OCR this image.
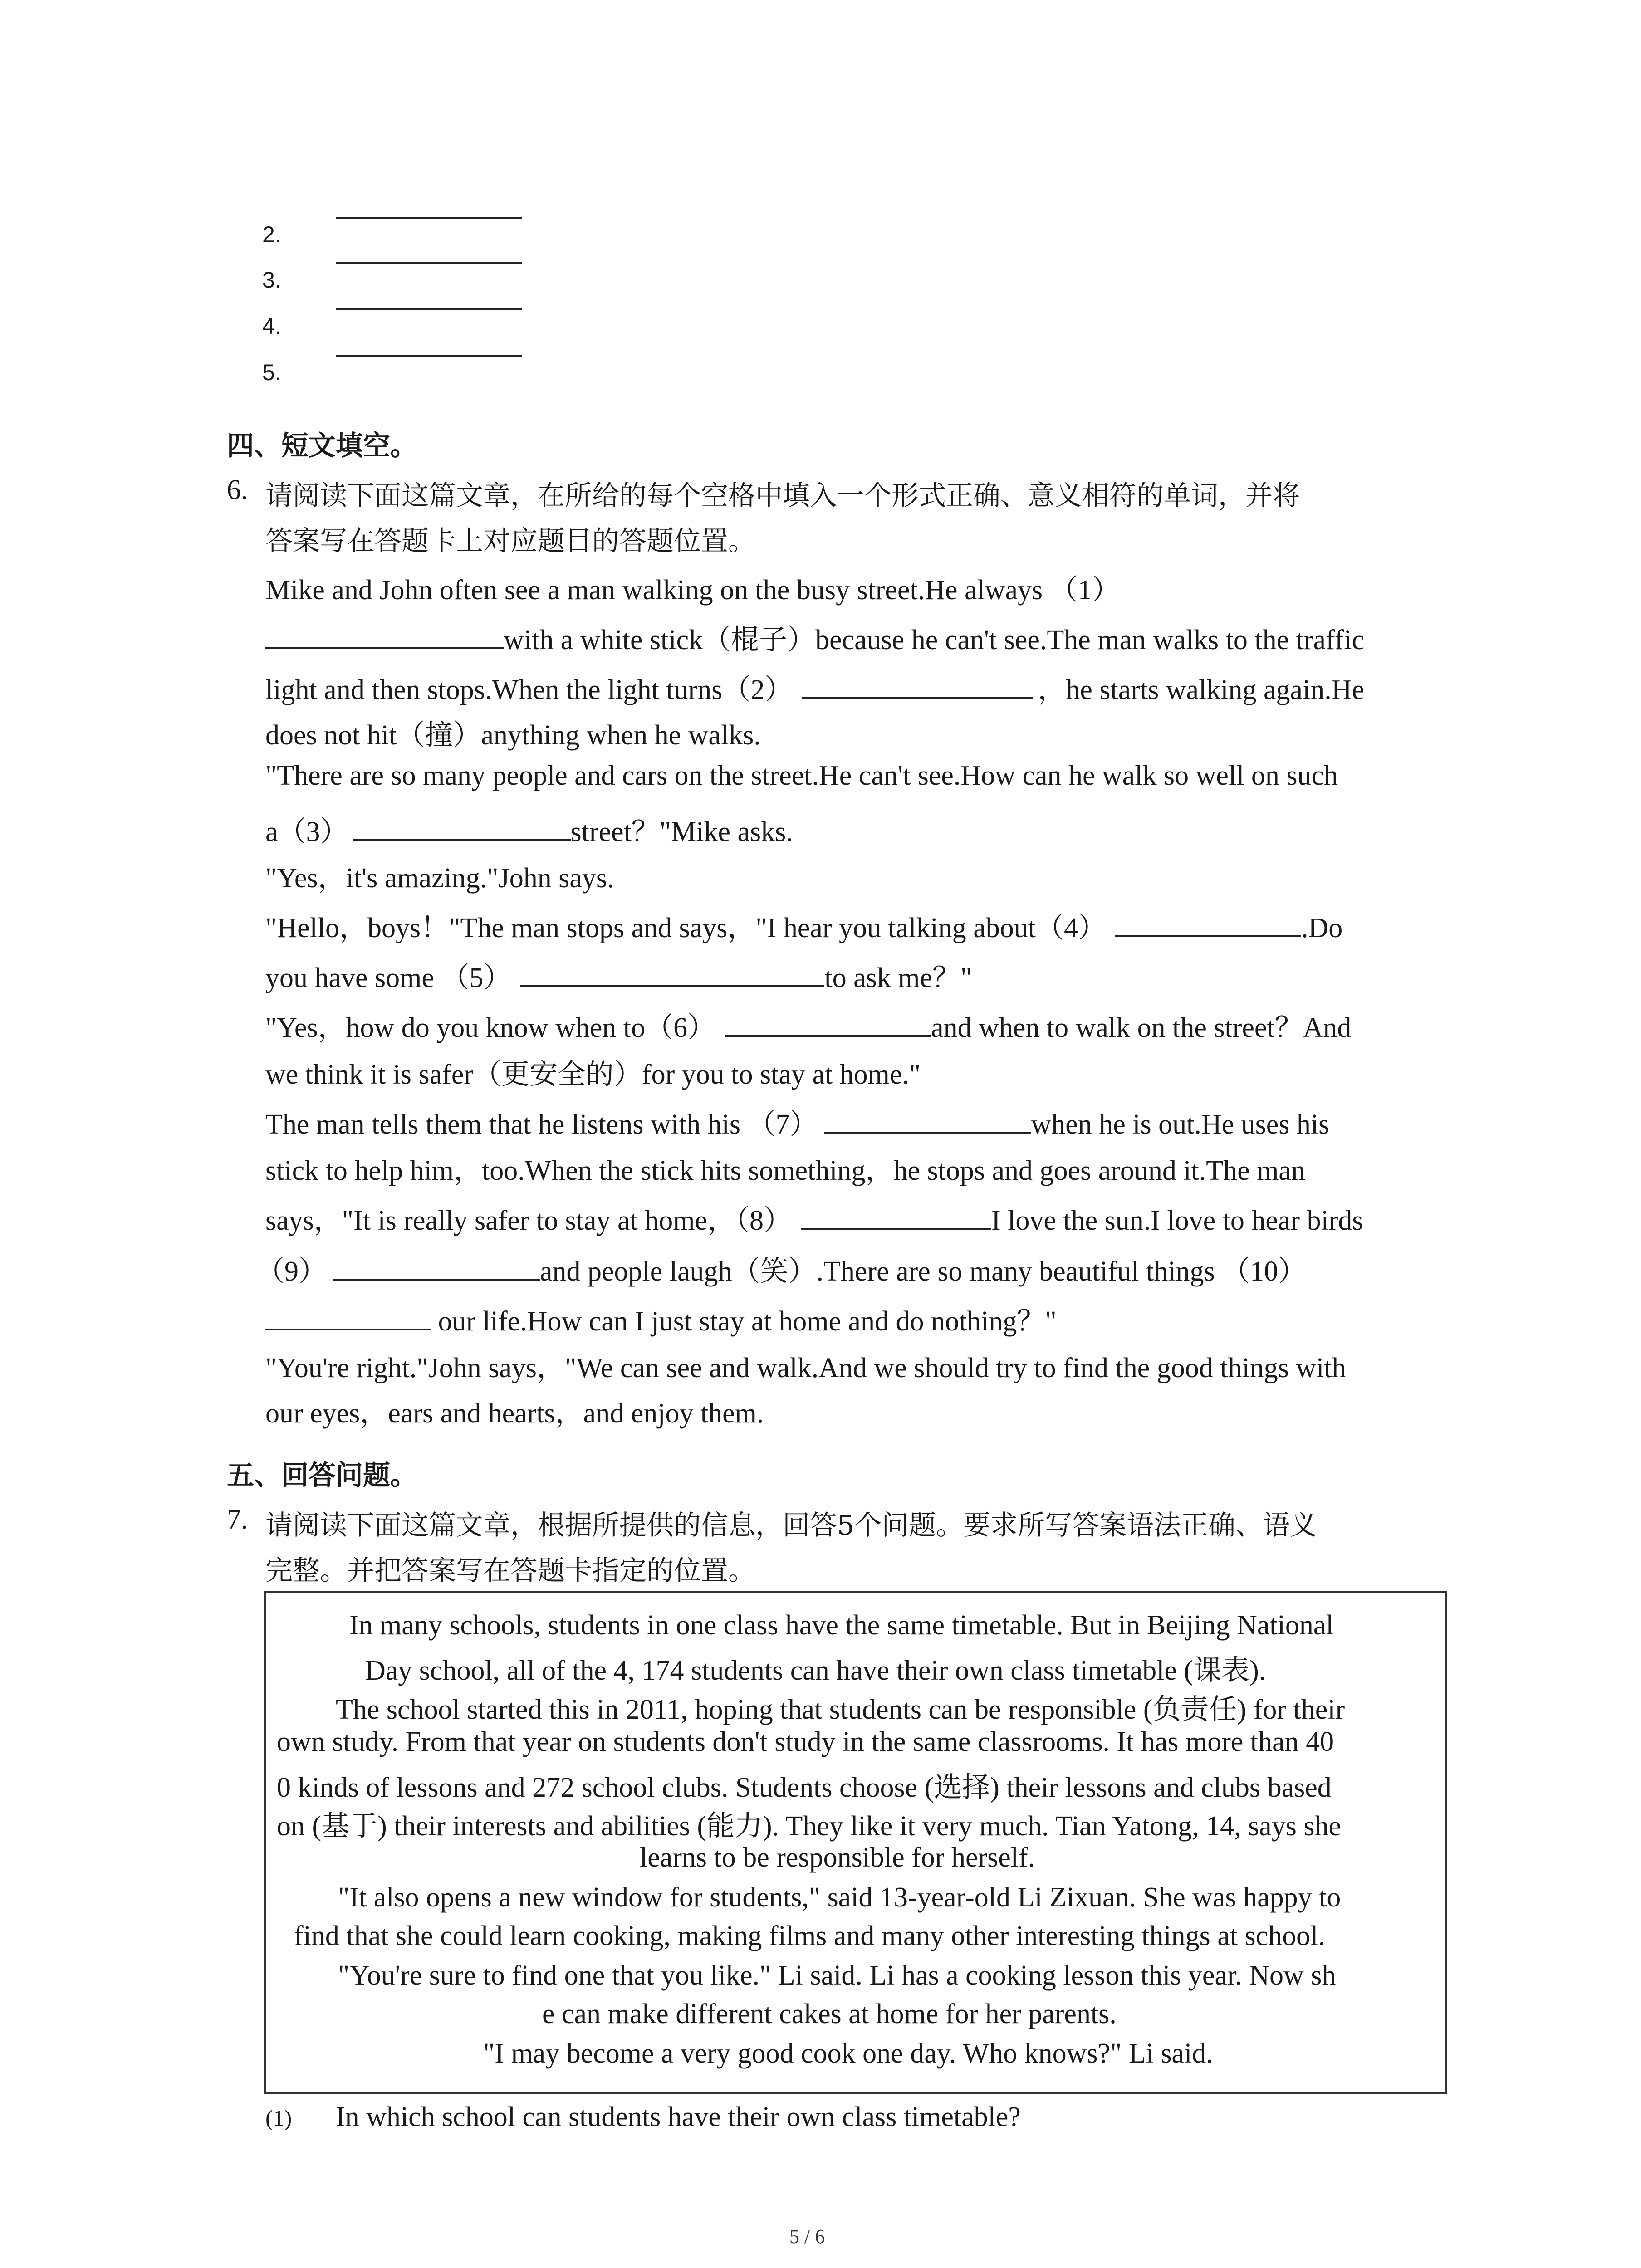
2.
3.
4.
5.
四、短文填空。
6. 请阅读下面这篇文章，在所给的每个空格中填入一个形式正确、意义相符的单词，并将
答案写在答题卡上对应题目的答题位置。
Mike and John often see a man walking on the busy street.He always （1）
with a white stick（棍子）because he can't see.The man walks to the traffic
light and then stops.When the light turns（2）	，he starts walking again.He
does not hit（撞）anything when he walks.
"There are so many people and cars on the street.He can't see.How can he walk so well on such
a（3）	street？"Mike asks.
"Yes，it's amazing."John says.
"Hello，boys！"The man stops and says，"I hear you talking about（4）	.Do
you have some （5）	to ask me？"
"Yes，how do you know when to（6）	and when to walk on the street？And
we think it is safer（更安全的）for you to stay at home."
The man tells them that he listens with his （7）	when he is out.He uses his
stick to help him，too.When the stick hits something，he stops and goes around it.The man
says，"It is really safer to stay at home，（8）	I love the sun.I love to hear birds
（9）	and people laugh（笑）.There are so many beautiful things （10）
our life.How can I just stay at home and do nothing？"
"You're right."John says，"We can see and walk.And we should try to find the good things with
our eyes，ears and hearts，and enjoy them.
五、回答问题。
7. 请阅读下面这篇文章，根据所提供的信息，回答5个问题。要求所写答案语法正确、语义
完整。并把答案写在答题卡指定的位置。
In many schools, students in one class have the same timetable. But in Beijing National
Day school, all of the 4, 174 students can have their own class timetable (课表).
The school started this in 2011, hoping that students can be responsible (负责任) for their
own study. From that year on students don't study in the same classrooms. It has more than 40
0 kinds of lessons and 272 school clubs. Students choose (选择) their lessons and clubs based
on (基于) their interests and abilities (能力). They like it very much. Tian Yatong, 14, says she
learns to be responsible for herself.
"It also opens a new window for students," said 13-year-old Li Zixuan. She was happy to
find that she could learn cooking, making films and many other interesting things at school.
"You're sure to find one that you like." Li said. Li has a cooking lesson this year. Now sh
e can make different cakes at home for her parents.
"I may become a very good cook one day. Who knows?" Li said.
(1) In which school can students have their own class timetable?
5 / 6
